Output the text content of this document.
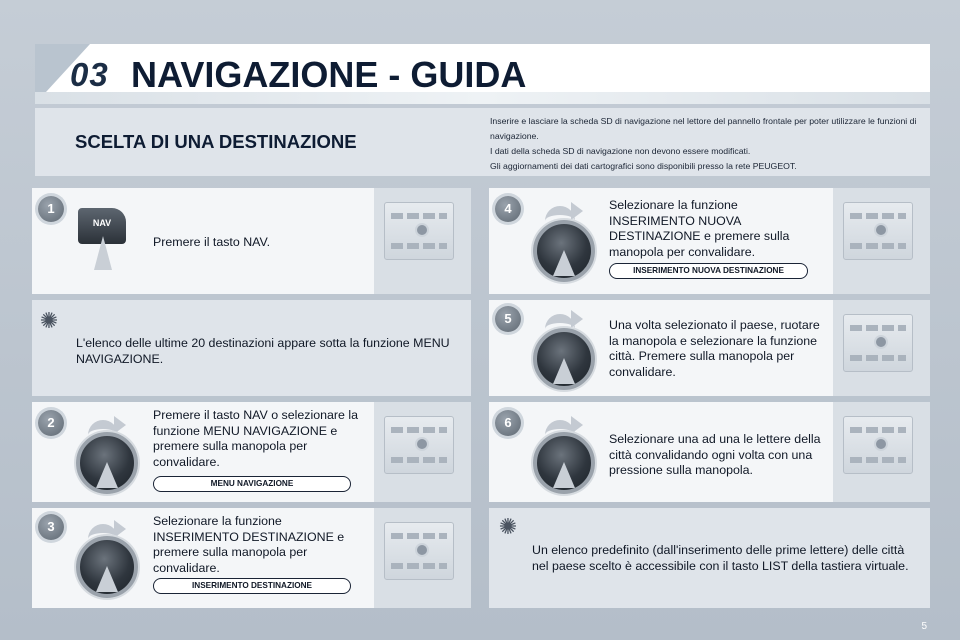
03 NAVIGAZIONE - GUIDA
SCELTA DI UNA DESTINAZIONE
Inserire e lasciare la scheda SD di navigazione nel lettore del pannello frontale per poter utilizzare le funzioni di navigazione.
I dati della scheda SD di navigazione non devono essere modificati.
Gli aggiornamenti dei dati cartografici sono disponibili presso la rete PEUGEOT.
1
NAV
Premere il tasto NAV.
✺
L'elenco delle ultime 20 destinazioni appare sotta la funzione MENU NAVIGAZIONE.
2	Premere il tasto NAV o selezionare la funzione MENU NAVIGAZIONE e premere sulla manopola per convalidare.
MENU NAVIGAZIONE
3	Selezionare la funzione INSERIMENTO DESTINAZIONE e premere sulla manopola per convalidare.
INSERIMENTO DESTINAZIONE
4	Selezionare la funzione INSERIMENTO NUOVA DESTINAZIONE e premere sulla manopola per convalidare.
INSERIMENTO NUOVA DESTINAZIONE
5	Una volta selezionato il paese, ruotare la manopola e selezionare la funzione città. Premere sulla manopola per convalidare.
6
Selezionare una ad una le lettere della città convalidando ogni volta con una pressione sulla manopola.
✺
Un elenco predefinito (dall'inserimento delle prime lettere) delle città nel paese scelto è accessibile con il tasto LIST della tastiera virtuale.
5
